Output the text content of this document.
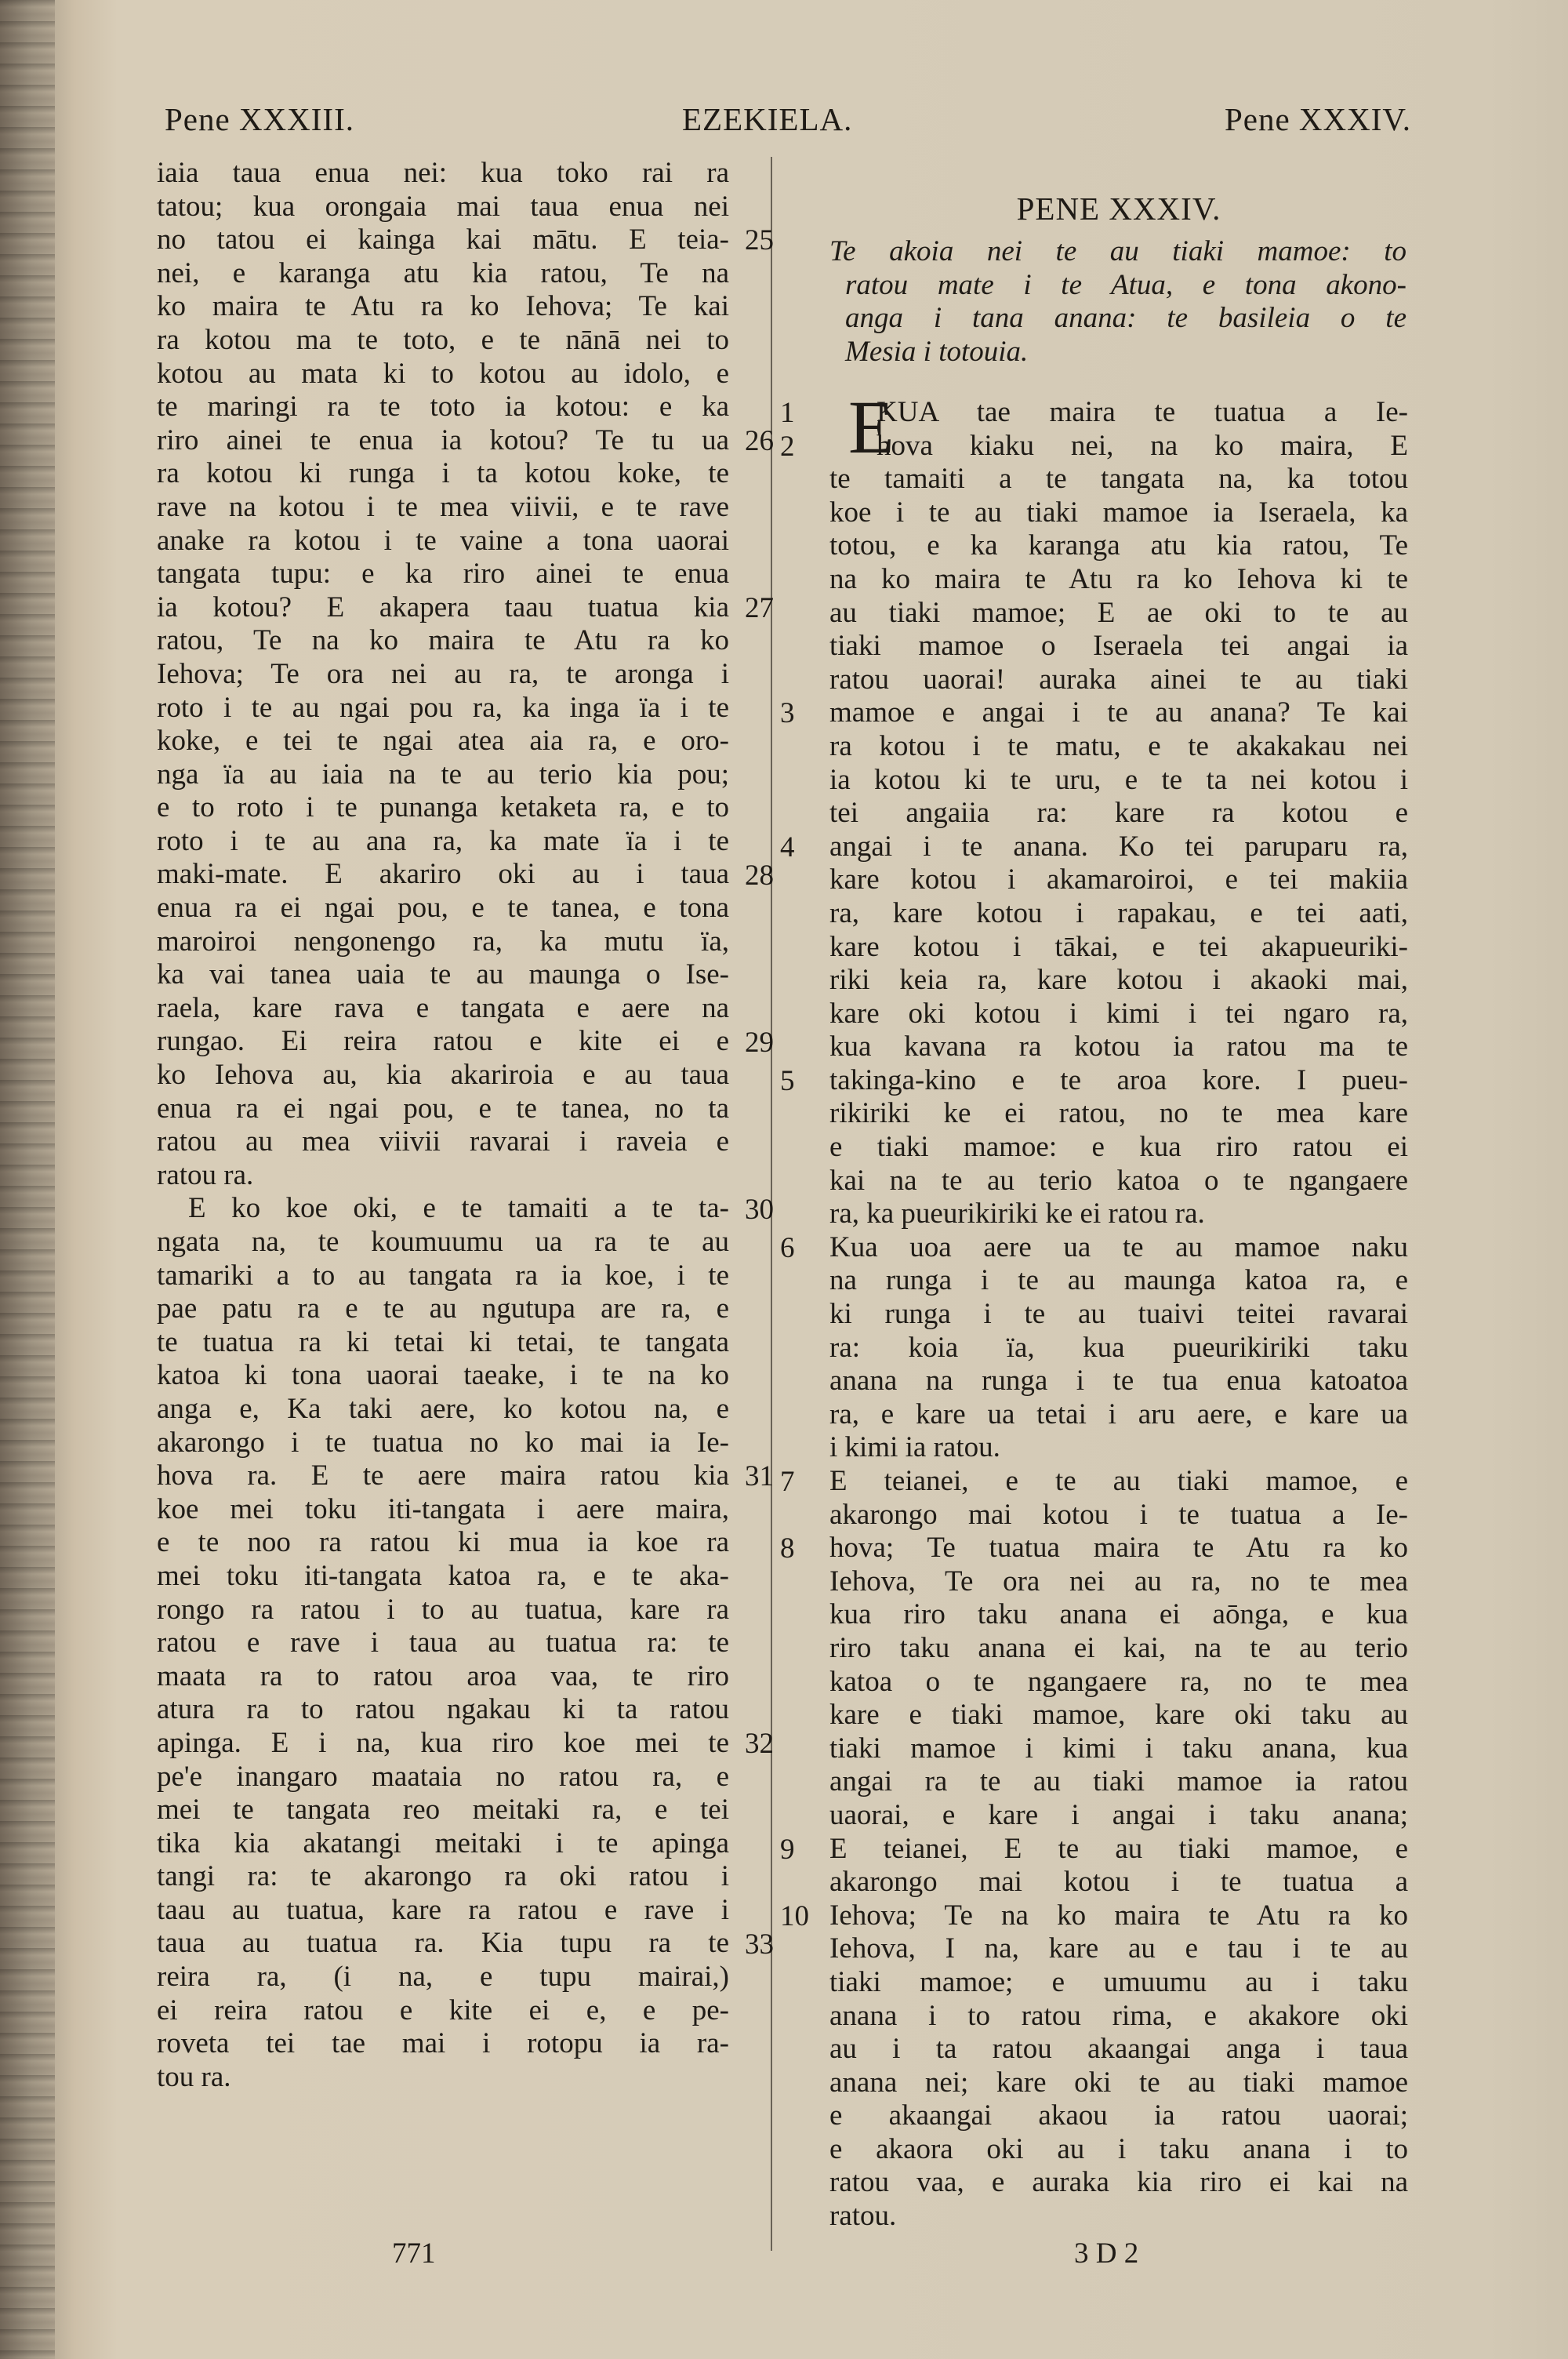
Pene XXXIII.	EZEKIELA.	Pene XXXIV.
iaia taua enua nei: kua toko rai ra
tatou; kua orongaia mai taua enua nei
no tatou ei kainga kai mātu. E teia-
nei, e karanga atu kia ratou, Te na
ko maira te Atu ra ko Iehova; Te kai
ra kotou ma te toto, e te nānā nei to
kotou au mata ki to kotou au idolo, e
te maringi ra te toto ia kotou: e ka
riro ainei te enua ia kotou? Te tu ua
ra kotou ki runga i ta kotou koke, te
rave na kotou i te mea viivii, e te rave
anake ra kotou i te vaine a tona uaorai
tangata tupu: e ka riro ainei te enua
ia kotou? E akapera taau tuatua kia
ratou, Te na ko maira te Atu ra ko
Iehova; Te ora nei au ra, te aronga i
roto i te au ngai pou ra, ka inga ïa i te
koke, e tei te ngai atea aia ra, e oro-
nga ïa au iaia na te au terio kia pou;
e to roto i te punanga ketaketa ra, e to
roto i te au ana ra, ka mate ïa i te
maki-mate. E akariro oki au i taua
enua ra ei ngai pou, e te tanea, e tona
maroiroi nengonengo ra, ka mutu ïa,
ka vai tanea uaia te au maunga o Ise-
raela, kare rava e tangata e aere na
rungao. Ei reira ratou e kite ei e
ko Iehova au, kia akariroia e au taua
enua ra ei ngai pou, e te tanea, no ta
ratou au mea viivii ravarai i raveia e
ratou ra.
E ko koe oki, e te tamaiti a te ta-
ngata na, te koumuumu ua ra te au
tamariki a to au tangata ra ia koe, i te
pae patu ra e te au ngutupa are ra, e
te tuatua ra ki tetai ki tetai, te tangata
katoa ki tona uaorai taeake, i te na ko
anga e, Ka taki aere, ko kotou na, e
akarongo i te tuatua no ko mai ia Ie-
hova ra. E te aere maira ratou kia
koe mei toku iti-tangata i aere maira,
e te noo ra ratou ki mua ia koe ra
mei toku iti-tangata katoa ra, e te aka-
rongo ra ratou i to au tuatua, kare ra
ratou e rave i taua au tuatua ra: te
maata ra to ratou aroa vaa, te riro
atura ra to ratou ngakau ki ta ratou
apinga. E i na, kua riro koe mei te
pe'e inangaro maataia no ratou ra, e
mei te tangata reo meitaki ra, e tei
tika kia akatangi meitaki i te apinga
tangi ra: te akarongo ra oki ratou i
taau au tuatua, kare ra ratou e rave i
taua au tuatua ra. Kia tupu ra te
reira ra, (i na, e tupu mairai,)
ei reira ratou e kite ei e, e pe-
roveta tei tae mai i rotopu ia ra-
tou ra.
25
26
27
28
29
30
31
32
33
PENE XXXIV.
Te akoia nei te au tiaki mamoe: to
ratou mate i te Atua, e tona akono-
anga i tana anana: te basileia o te
Mesia i totouia.
E
KUA tae maira te tuatua a Ie-
hova kiaku nei, na ko maira, E
te tamaiti a te tangata na, ka totou
koe i te au tiaki mamoe ia Iseraela, ka
totou, e ka karanga atu kia ratou, Te
na ko maira te Atu ra ko Iehova ki te
au tiaki mamoe; E ae oki to te au
tiaki mamoe o Iseraela tei angai ia
ratou uaorai! auraka ainei te au tiaki
mamoe e angai i te au anana? Te kai
ra kotou i te matu, e te akakakau nei
ia kotou ki te uru, e te ta nei kotou i
tei angaiia ra: kare ra kotou e
angai i te anana. Ko tei paruparu ra,
kare kotou i akamaroiroi, e tei makiia
ra, kare kotou i rapakau, e tei aati,
kare kotou i tākai, e tei akapueuriki-
riki keia ra, kare kotou i akaoki mai,
kare oki kotou i kimi i tei ngaro ra,
kua kavana ra kotou ia ratou ma te
takinga-kino e te aroa kore. I pueu-
rikiriki ke ei ratou, no te mea kare
e tiaki mamoe: e kua riro ratou ei
kai na te au terio katoa o te ngangaere
ra, ka pueurikiriki ke ei ratou ra.
Kua uoa aere ua te au mamoe naku
na runga i te au maunga katoa ra, e
ki runga i te au tuaivi teitei ravarai
ra: koia ïa, kua pueurikiriki taku
anana na runga i te tua enua katoatoa
ra, e kare ua tetai i aru aere, e kare ua
i kimi ia ratou.
E teianei, e te au tiaki mamoe, e
akarongo mai kotou i te tuatua a Ie-
hova; Te tuatua maira te Atu ra ko
Iehova, Te ora nei au ra, no te mea
kua riro taku anana ei aōnga, e kua
riro taku anana ei kai, na te au terio
katoa o te ngangaere ra, no te mea
kare e tiaki mamoe, kare oki taku au
tiaki mamoe i kimi i taku anana, kua
angai ra te au tiaki mamoe ia ratou
uaorai, e kare i angai i taku anana;
E teianei, E te au tiaki mamoe, e
akarongo mai kotou i te tuatua a
Iehova; Te na ko maira te Atu ra ko
Iehova, I na, kare au e tau i te au
tiaki mamoe; e umuumu au i taku
anana i to ratou rima, e akakore oki
au i ta ratou akaangai anga i taua
anana nei; kare oki te au tiaki mamoe
e akaangai akaou ia ratou uaorai;
e akaora oki au i taku anana i to
ratou vaa, e auraka kia riro ei kai na
ratou.
1
2
3
4
5
6
7
8
9
10
771	3 D 2
